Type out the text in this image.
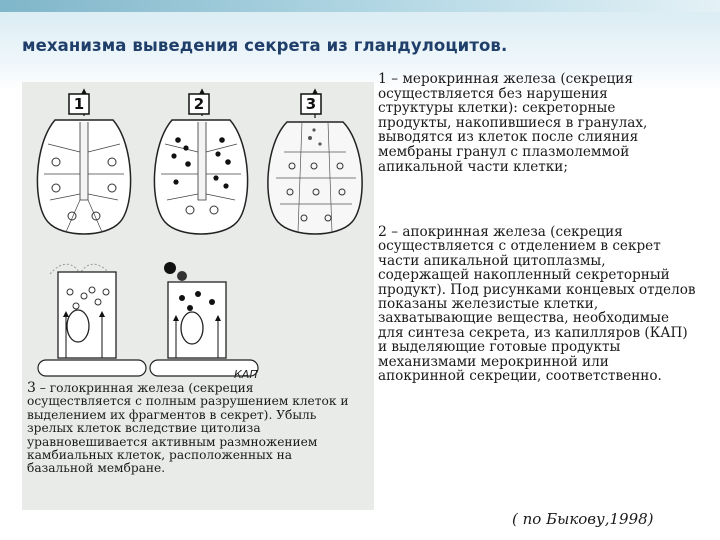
механизма выведения секрета из гландулоцитов.
1	2	3
КАП
1 – мерокринная железа (секреция осуществляется без нарушения структуры клетки): секреторные продукты, накопившиеся в гранулах, выводятся из клеток после слияния мембраны гранул с плазмолеммой апикальной части клетки;
2 – апокринная железа (секреция осуществляется с отделением в секрет части апикальной цитоплазмы, содержащей накопленный секреторный продукт). Под рисунками концевых отделов показаны железистые клетки, захватывающие вещества, необходимые для синтеза секрета, из капилляров (КАП) и выделяющие готовые продукты механизмами мерокринной или апокринной секреции, соответственно.
3 – голокринная железа (секреция осуществляется с полным разрушением клеток и выделением их фрагментов в секрет). Убыль зрелых клеток вследствие цитолиза уравновешивается активным размножением камбиальных клеток, расположенных на базальной мембране.
( по Быкову,1998)
